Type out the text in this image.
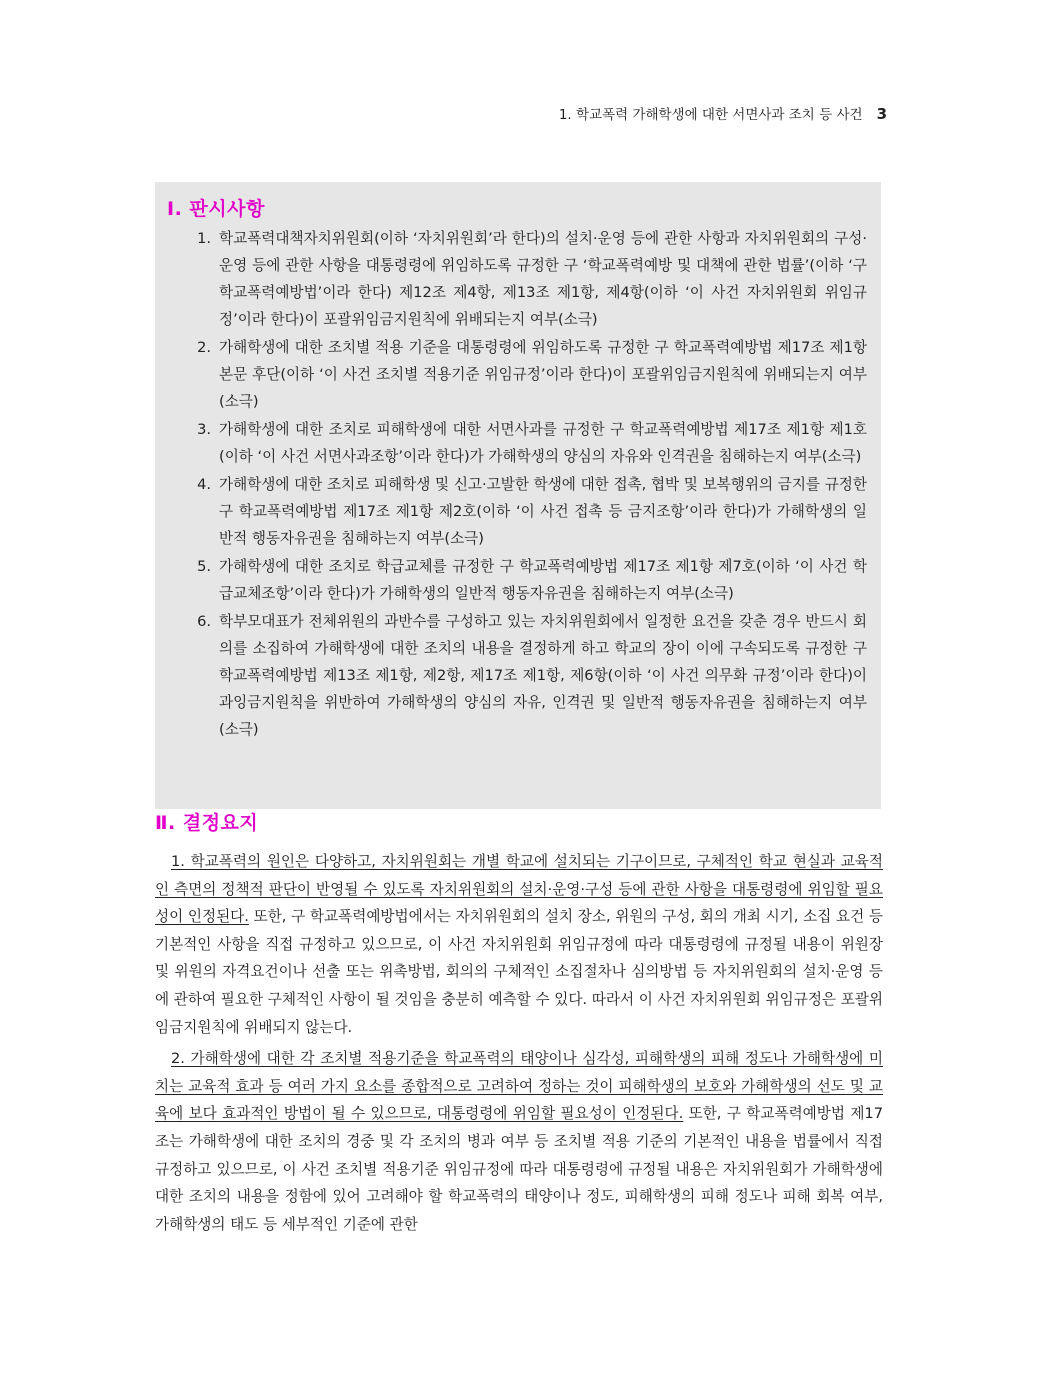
1. 학교폭력 가해학생에 대한 서면사과 조치 등 사건 3
Ⅰ. 판시사항
1. 학교폭력대책자치위원회(이하 ‘자치위원회’라 한다)의 설치·운영 등에 관한 사항과 자치위원회의 구성·운영 등에 관한 사항을 대통령령에 위임하도록 규정한 구 ‘학교폭력예방 및 대책에 관한 법률’(이하 ‘구 학교폭력예방법’이라 한다) 제12조 제4항, 제13조 제1항, 제4항(이하 ‘이 사건 자치위원회 위임규정’이라 한다)이 포괄위임금지원칙에 위배되는지 여부(소극)
2. 가해학생에 대한 조치별 적용 기준을 대통령령에 위임하도록 규정한 구 학교폭력예방법 제17조 제1항 본문 후단(이하 ‘이 사건 조치별 적용기준 위임규정’이라 한다)이 포괄위임금지원칙에 위배되는지 여부(소극)
3. 가해학생에 대한 조치로 피해학생에 대한 서면사과를 규정한 구 학교폭력예방법 제17조 제1항 제1호(이하 ‘이 사건 서면사과조항’이라 한다)가 가해학생의 양심의 자유와 인격권을 침해하는지 여부(소극)
4. 가해학생에 대한 조치로 피해학생 및 신고·고발한 학생에 대한 접촉, 협박 및 보복행위의 금지를 규정한 구 학교폭력예방법 제17조 제1항 제2호(이하 ‘이 사건 접촉 등 금지조항’이라 한다)가 가해학생의 일반적 행동자유권을 침해하는지 여부(소극)
5. 가해학생에 대한 조치로 학급교체를 규정한 구 학교폭력예방법 제17조 제1항 제7호(이하 ‘이 사건 학급교체조항’이라 한다)가 가해학생의 일반적 행동자유권을 침해하는지 여부(소극)
6. 학부모대표가 전체위원의 과반수를 구성하고 있는 자치위원회에서 일정한 요건을 갖춘 경우 반드시 회의를 소집하여 가해학생에 대한 조치의 내용을 결정하게 하고 학교의 장이 이에 구속되도록 규정한 구 학교폭력예방법 제13조 제1항, 제2항, 제17조 제1항, 제6항(이하 ‘이 사건 의무화 규정’이라 한다)이 과잉금지원칙을 위반하여 가해학생의 양심의 자유, 인격권 및 일반적 행동자유권을 침해하는지 여부(소극)
Ⅱ. 결정요지

1. 학교폭력의 원인은 다양하고, 자치위원회는 개별 학교에 설치되는 기구이므로, 구체적인 학교 현실과 교육적인 측면의 정책적 판단이 반영될 수 있도록 자치위원회의 설치·운영·구성 등에 관한 사항을 대통령령에 위임할 필요성이 인정된다. 또한, 구 학교폭력예방법에서는 자치위원회의 설치 장소, 위원의 구성, 회의 개최 시기, 소집 요건 등 기본적인 사항을 직접 규정하고 있으므로, 이 사건 자치위원회 위임규정에 따라 대통령령에 규정될 내용이 위원장 및 위원의 자격요건이나 선출 또는 위촉방법, 회의의 구체적인 소집절차나 심의방법 등 자치위원회의 설치·운영 등에 관하여 필요한 구체적인 사항이 될 것임을 충분히 예측할 수 있다. 따라서 이 사건 자치위원회 위임규정은 포괄위임금지원칙에 위배되지 않는다.

2. 가해학생에 대한 각 조치별 적용기준을 학교폭력의 태양이나 심각성, 피해학생의 피해 정도나 가해학생에 미치는 교육적 효과 등 여러 가지 요소를 종합적으로 고려하여 정하는 것이 피해학생의 보호와 가해학생의 선도 및 교육에 보다 효과적인 방법이 될 수 있으므로, 대통령령에 위임할 필요성이 인정된다. 또한, 구 학교폭력예방법 제17조는 가해학생에 대한 조치의 경중 및 각 조치의 병과 여부 등 조치별 적용 기준의 기본적인 내용을 법률에서 직접 규정하고 있으므로, 이 사건 조치별 적용기준 위임규정에 따라 대통령령에 규정될 내용은 자치위원회가 가해학생에 대한 조치의 내용을 정함에 있어 고려해야 할 학교폭력의 태양이나 정도, 피해학생의 피해 정도나 피해 회복 여부, 가해학생의 태도 등 세부적인 기준에 관한
